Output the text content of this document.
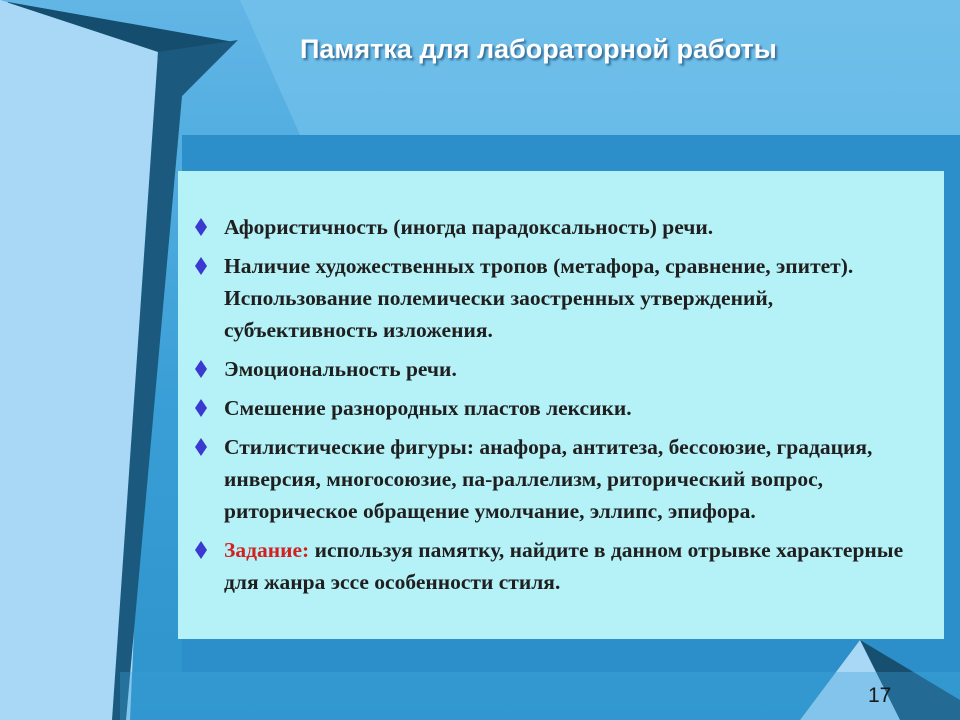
Памятка для лабораторной работы
Афористичность (иногда парадоксальность) речи.
Наличие художественных тропов (метафора, сравнение, эпитет). Использование полемически заостренных утверждений, субъективность изложения.
Эмоциональность речи.
Смешение разнородных пластов лексики.
Стилистические фигуры: анафора, антитеза, бессоюзие, градация, инверсия, многосоюзие, па-раллелизм, риторический вопрос, риторическое обращение умолчание, эллипс, эпифора.
Задание: используя памятку, найдите в данном отрывке характерные для жанра эссе особенности стиля.
17
